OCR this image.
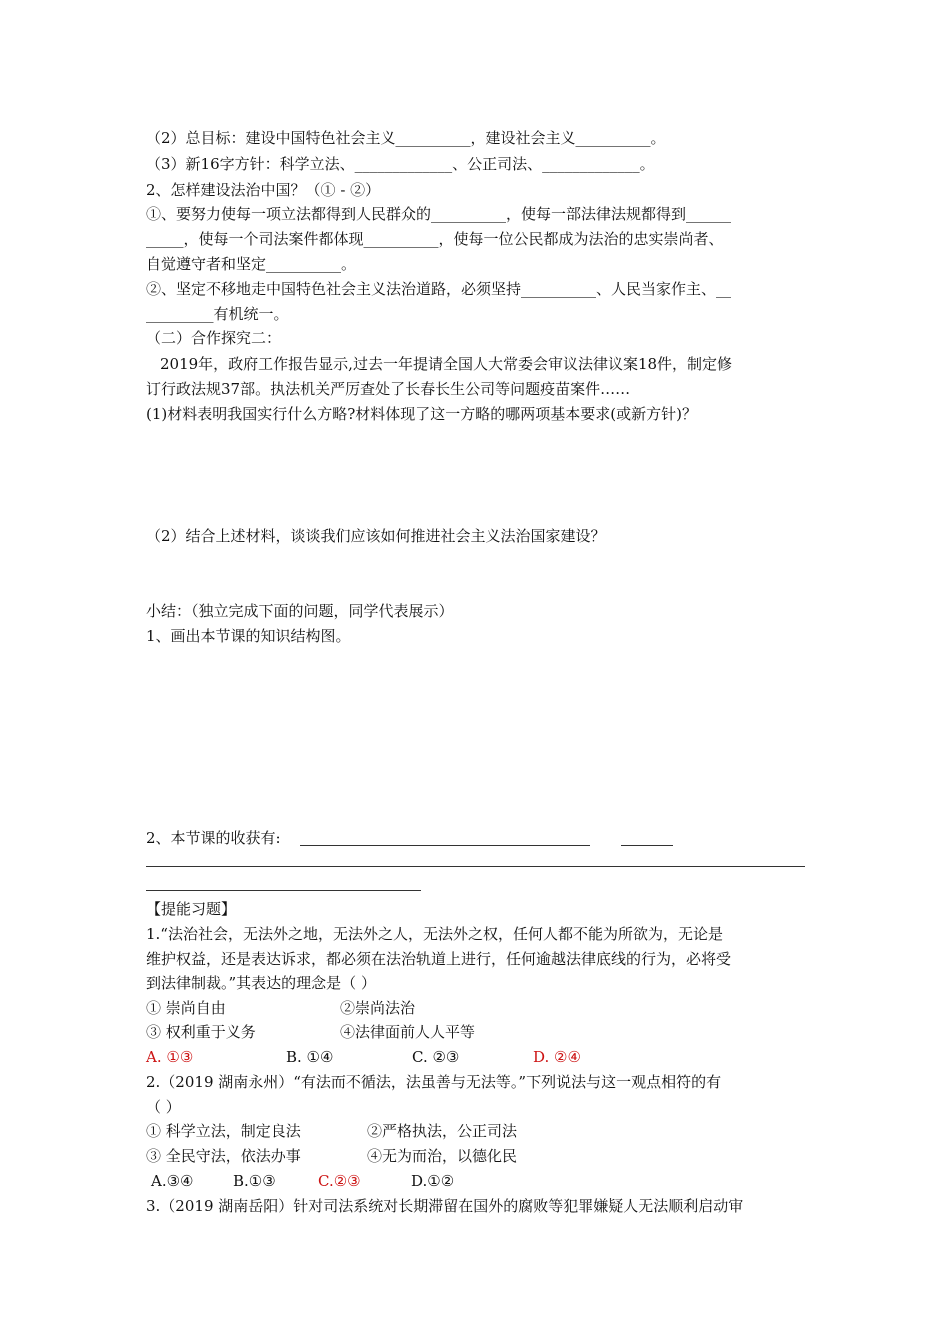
（2）总目标：建设中国特色社会主义__________，建设社会主义__________。
（3）新16字方针：科学立法、_____________、公正司法、_____________。
2、怎样建设法治中国？（① - ②）
①、要努力使每一项立法都得到人民群众的__________，使每一部法律法规都得到______
_____，使每一个司法案件都体现__________，使每一位公民都成为法治的忠实崇尚者、
自觉遵守者和坚定__________。
②、坚定不移地走中国特色社会主义法治道路，必须坚持__________、人民当家作主、__
_________有机统一。
（二）合作探究二：
2019年，政府工作报告显示,过去一年提请全国人大常委会审议法律议案18件，制定修
订行政法规37部。执法机关严厉查处了长春长生公司等问题疫苗案件……
(1)材料表明我国实行什么方略?材料体现了这一方略的哪两项基本要求(或新方针)？
（2）结合上述材料，谈谈我们应该如何推进社会主义法治国家建设？
小结：（独立完成下面的问题，同学代表展示）
1、画出本节课的知识结构图。
2、本节课的收获有:
【提能习题】
1.“法治社会，无法外之地，无法外之人，无法外之权，任何人都不能为所欲为，无论是
维护权益，还是表达诉求，都必须在法治轨道上进行，任何逾越法律底线的行为，必将受
到法律制裁。”其表达的理念是（ ）
① 崇尚自由	②崇尚法治
③ 权利重于义务	④法律面前人人平等
A. ①③	B. ①④	C. ②③	D. ②④
2.（2019 湖南永州）“有法而不循法，法虽善与无法等。”下列说法与这一观点相符的有
（ ）
① 科学立法，制定良法	②严格执法，公正司法
③ 全民守法，依法办事	④无为而治，以德化民
A.③④	B.①③	C.②③	D.①②
3.（2019 湖南岳阳）针对司法系统对长期滞留在国外的腐败等犯罪嫌疑人无法顺利启动审
